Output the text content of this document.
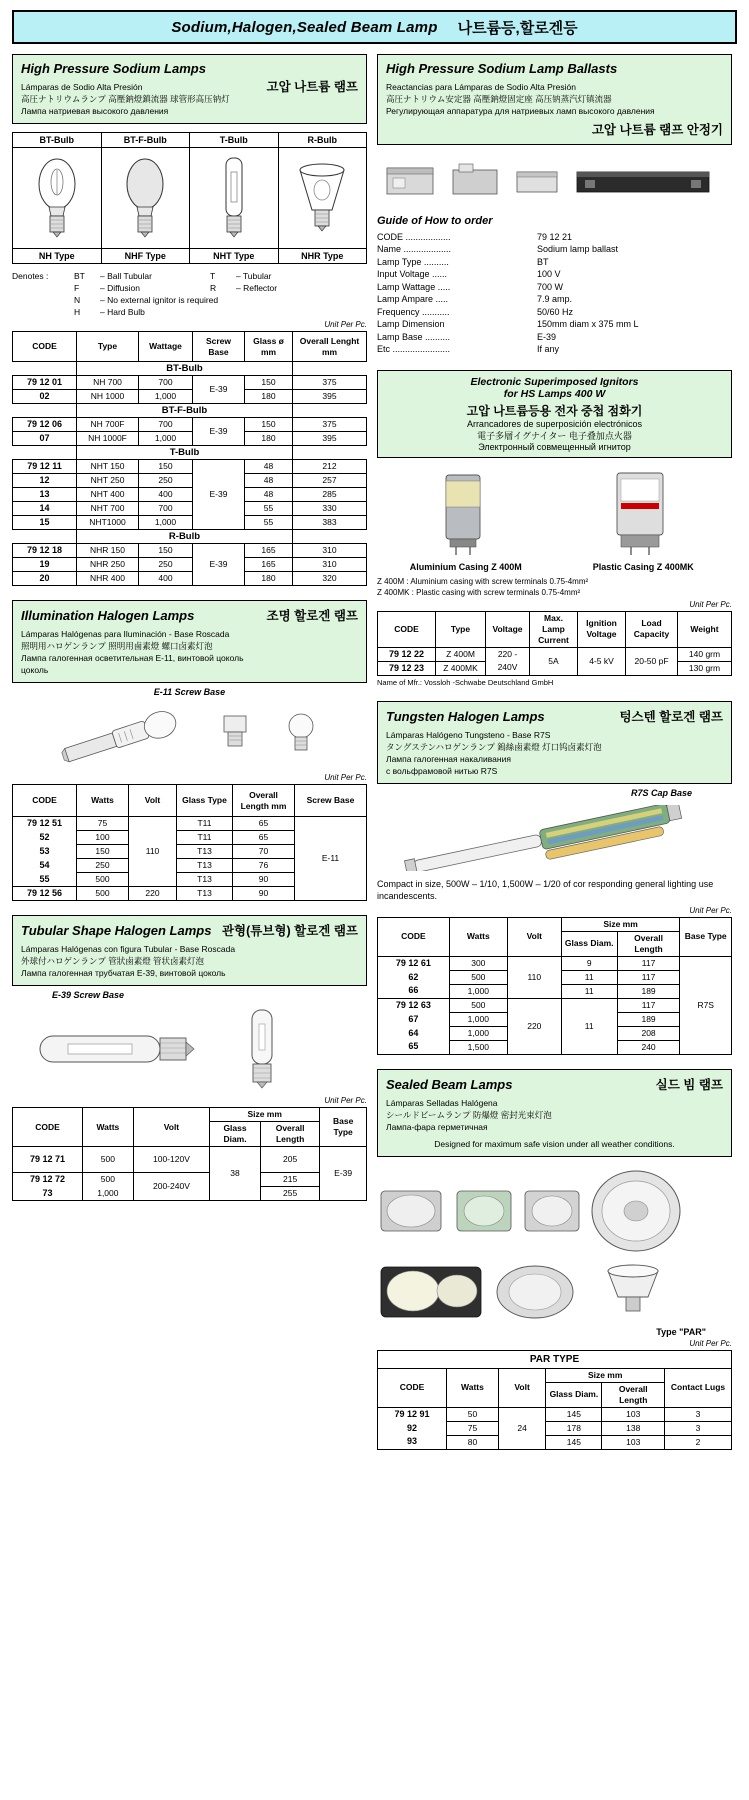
Sodium,Halogen,Sealed Beam Lamp 나트륨등,할로겐등
High Pressure Sodium Lamps
Lámparas de Sodio Alta Presión	고압 나트륨 램프
高圧ナトリウムランプ 高壓鈉燈鎮流器 球管形高压钠灯
Лампа натриевая высокого давления
BT-Bulb
NH Type
BT-F-Bulb
NHF Type
T-Bulb
NHT Type
R-Bulb
NHR Type
Denotes :	BT	– Ball Tubular	T	– Tubular
F	– Diffusion	R	– Reflector
N	– No external ignitor is required
H	– Hard Bulb
Unit Per Pc.
CODE	Type	Wattage	Screw Base	Glass ø mm	Overall Lenght mm
	BT-Bulb				
79 12 01	NH 700	700	E-39	150	375
02	NH 1000	1,000		180	395
	BT-F-Bulb				
79 12 06	NH 700F	700	E-39	150	375
07	NH 1000F	1,000		180	395
	T-Bulb				
79 12 11	NHT 150	150	E-39	48	212
12	NHT 250	250		48	257
13	NHT 400	400		48	285
14	NHT 700	700		55	330
15	NHT1000	1,000		55	383
	R-Bulb				
79 12 18	NHR 150	150	E-39	165	310
19	NHR 250	250		165	310
20	NHR 400	400		180	320
Illumination Halogen Lamps	조명 할로겐 램프
Lámparas Halógenas para Iluminación - Base Roscada
照明用ハロゲンランプ 照明用鹵素燈 螺口卤素灯泡
Лампа галогенная осветительная E-11, винтовой цоколь
цоколь
E-11 Screw Base
Unit Per Pc.
CODE	Watts	Volt	Glass Type	Overall Length mm	Screw Base
79 12 51	75	110	T11	65	E-11
52	100		T11	65	
53	150		T13	70	
54	250		T13	76	
55	500		T13	90	
79 12 56	500	220	T13	90	
Tubular Shape Halogen Lamps 관형(튜브형) 할로겐 램프
Lámparas Halógenas con figura Tubular - Base Roscada
外球付ハロゲンランプ 管狀鹵素燈 管状卤素灯泡
Лампа галогенная трубчатая E-39, винтовой цоколь
E-39 Screw Base
Unit Per Pc.
CODE	Watts	Volt	Size mm		Base Type
			Glass Diam.	Overall Length	
79 12 71	500	100-120V	38	205	E-39
79 12 72	500	200-240V		215	
73	1,000			255	
High Pressure Sodium Lamp Ballasts
Reactancias para Lámparas de Sodio Alta Presión
高圧ナトリウム安定器 高壓鈉燈固定座 高压钠蒸汽灯镇流器
Регулирующая аппаратура для натриевых ламп высокого давления
고압 나트륨 램프 안정기
Guide of How to order
CODE ..................	79 12 21
Name ...................	Sodium lamp ballast
Lamp Type ..........	BT
Input Voltage ......	100 V
Lamp Wattage .....	700 W
Lamp Ampare .....	7.9 amp.
Frequency ...........	50/60 Hz
Lamp Dimension	150mm diam x 375 mm L
Lamp Base ..........	E-39
Etc .......................	If any
Electronic Superimposed Ignitors
for HS Lamps 400 W
고압 나트륨등용 전자 중첩 점화기
Arrancadores de superposición electrónicos
電子多層イグナイター 电子叠加点火器
Электронный совмещенный игнитор
Aluminium Casing Z 400M	Plastic Casing Z 400MK
Z 400M : Aluminium casing with screw terminals 0.75-4mm²
Z 400MK : Plastic casing with screw terminals 0.75-4mm²
Unit Per Pc.
CODE	Type	Voltage	Max. Lamp Current	Ignition Voltage	Load Capacity	Weight
79 12 22	Z 400M	220 -	5A	4-5 kV	20-50 pF	140 grm
79 12 23	Z 400MK	240V				130 grm
Name of Mfr.: Vossloh -Schwabe Deutschland GmbH
Tungsten Halogen Lamps	텅스텐 할로겐 램프
Lámparas Halógeno Tungsteno - Base R7S
タングステンハロゲンランプ 鎢絲鹵素燈 灯口钨卤素灯泡
Лампа галогенная накаливания
с вольфрамовой нитью R7S
R7S Cap Base
Compact in size, 500W – 1/10, 1,500W – 1/20 of cor responding general lighting use incandescents.
Unit Per Pc.
CODE	Watts	Volt	Size mm		Base Type
			Glass Diam.	Overall Length	
79 12 61	300	110	9	117	R7S
62	500		11	117	
66	1,000		11	189	
79 12 63	500	220	11	117	
67	1,000			189	
64	1,000			208	
65	1,500			240	
Sealed Beam Lamps	실드 빔 램프
Lámparas Selladas Halógena
シールドビームランプ 防爆燈 密封光束灯泡
Лампа-фара герметичная
Designed for maximum safe vision under all weather conditions.
Type "PAR"
Unit Per Pc.
PAR TYPE
CODE	Watts	Volt	Size mm		Contact Lugs
			Glass Diam.	Overall Length	
79 12 91	50	24	145	103	3
92	75		178	138	3
93	80		145	103	2
